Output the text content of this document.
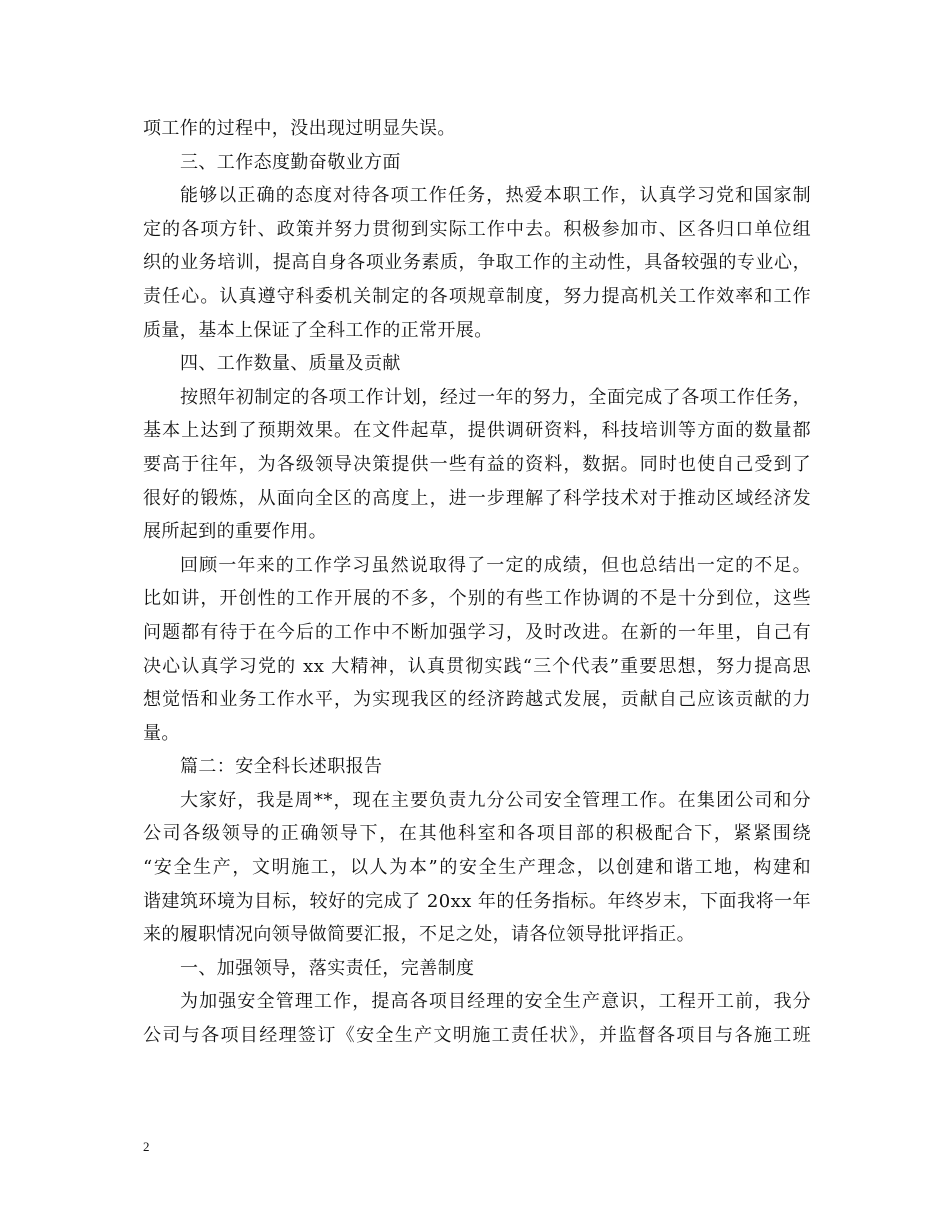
项工作的过程中，没出现过明显失误。
三、工作态度勤奋敬业方面
能够以正确的态度对待各项工作任务，热爱本职工作，认真学习党和国家制
定的各项方针、政策并努力贯彻到实际工作中去。积极参加市、区各归口单位组
织的业务培训，提高自身各项业务素质，争取工作的主动性，具备较强的专业心，
责任心。认真遵守科委机关制定的各项规章制度，努力提高机关工作效率和工作
质量，基本上保证了全科工作的正常开展。
四、工作数量、质量及贡献
按照年初制定的各项工作计划，经过一年的努力，全面完成了各项工作任务，
基本上达到了预期效果。在文件起草，提供调研资料，科技培训等方面的数量都
要高于往年，为各级领导决策提供一些有益的资料，数据。同时也使自己受到了
很好的锻炼，从面向全区的高度上，进一步理解了科学技术对于推动区域经济发
展所起到的重要作用。
回顾一年来的工作学习虽然说取得了一定的成绩，但也总结出一定的不足。
比如讲，开创性的工作开展的不多，个别的有些工作协调的不是十分到位，这些
问题都有待于在今后的工作中不断加强学习，及时改进。在新的一年里，自己有
决心认真学习党的 xx 大精神，认真贯彻实践“三个代表”重要思想，努力提高思
想觉悟和业务工作水平，为实现我区的经济跨越式发展，贡献自己应该贡献的力
量。
篇二：安全科长述职报告
大家好，我是周**，现在主要负责九分公司安全管理工作。在集团公司和分
公司各级领导的正确领导下，在其他科室和各项目部的积极配合下，紧紧围绕
“安全生产，文明施工，以人为本”的安全生产理念，以创建和谐工地，构建和
谐建筑环境为目标，较好的完成了 20xx 年的任务指标。年终岁末，下面我将一年
来的履职情况向领导做简要汇报，不足之处，请各位领导批评指正。
一、加强领导，落实责任，完善制度
为加强安全管理工作，提高各项目经理的安全生产意识，工程开工前，我分
公司与各项目经理签订《安全生产文明施工责任状》，并监督各项目与各施工班
2
